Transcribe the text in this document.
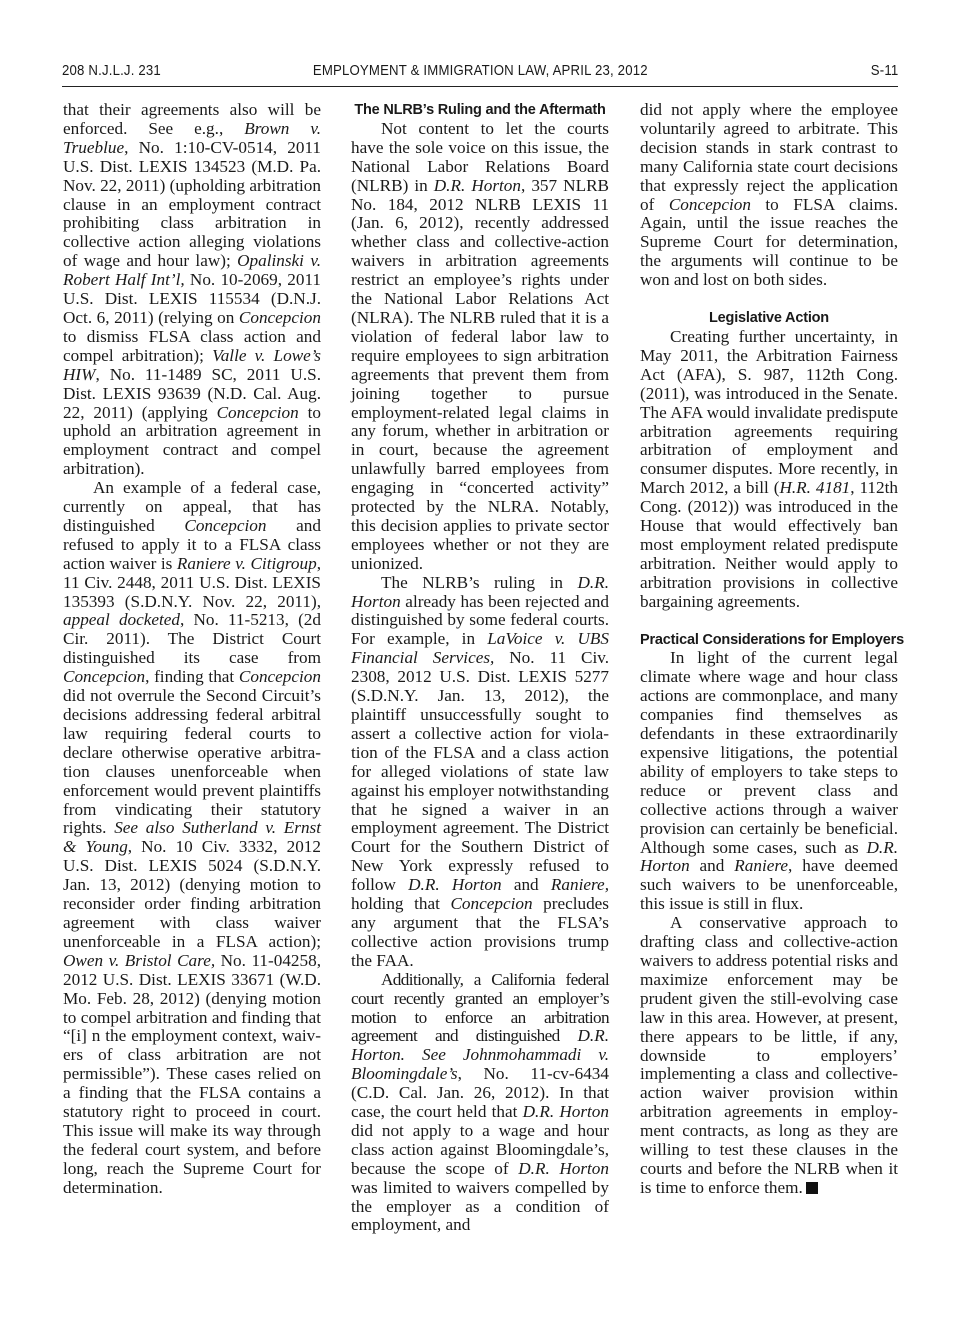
208 N.J.L.J. 231	EMPLOYMENT & IMMIGRATION LAW, APRIL 23, 2012	S-11

that their agreements also will be enforced. See e.g., Brown v. Trueblue, No. 1:10-CV-0514, 2011 U.S. Dist. LEXIS 134523 (M.D. Pa. Nov. 22, 2011) (upholding arbitration clause in an employment contract prohibiting class arbitration in collective action alleging violations of wage and hour law); Opalinski v. Robert Half Int’l, No. 10-2069, 2011 U.S. Dist. LEXIS 115534 (D.N.J. Oct. 6, 2011) (relying on Concepcion to dismiss FLSA class action and compel arbitration); Valle v. Lowe’s HIW, No. 11-1489 SC, 2011 U.S. Dist. LEXIS 93639 (N.D. Cal. Aug. 22, 2011) (applying Concepcion to uphold an arbitration agreement in employment contract and compel arbitration).

An example of a federal case, currently on appeal, that has distinguished Concepcion and refused to apply it to a FLSA class action waiver is Raniere v. Citigroup, 11 Civ. 2448, 2011 U.S. Dist. LEXIS 135393 (S.D.N.Y. Nov. 22, 2011), appeal docketed, No. 11-5213, (2d Cir. 2011). The District Court distinguished its case from Concepcion, finding that Concepcion did not overrule the Second Circuit’s decisions addressing federal arbitral law requiring federal courts to declare otherwise operative arbitration clauses unenforceable when enforcement would prevent plaintiffs from vindicating their statutory rights. See also Sutherland v. Ernst & Young, No. 10 Civ. 3332, 2012 U.S. Dist. LEXIS 5024 (S.D.N.Y. Jan. 13, 2012) (denying motion to reconsider order finding arbitration agreement with class waiver unenforceable in a FLSA action); Owen v. Bristol Care, No. 11-04258, 2012 U.S. Dist. LEXIS 33671 (W.D. Mo. Feb. 28, 2012) (denying motion to compel arbitration and finding that “[i] n the employment context, waivers of class arbitration are not permissible”). These cases relied on a finding that the FLSA contains a statutory right to proceed in court. This issue will make its way through the federal court system, and before long, reach the Supreme Court for determination.

The NLRB’s Ruling and the Aftermath

Not content to let the courts have the sole voice on this issue, the National Labor Relations Board (NLRB) in D.R. Horton, 357 NLRB No. 184, 2012 NLRB LEXIS 11 (Jan. 6, 2012), recently addressed whether class and collective-action waivers in arbitration agreements restrict an employee’s rights under the National Labor Relations Act (NLRA). The NLRB ruled that it is a violation of federal labor law to require employees to sign arbitration agreements that prevent them from joining together to pursue employment-related legal claims in any forum, whether in arbitration or in court, because the agreement unlawfully barred employees from engaging in “concerted activity” protected by the NLRA. Notably, this decision applies to private sector employees whether or not they are unionized.

The NLRB’s ruling in D.R. Horton already has been rejected and distinguished by some federal courts. For example, in LaVoice v. UBS Financial Services, No. 11 Civ. 2308, 2012 U.S. Dist. LEXIS 5277 (S.D.N.Y. Jan. 13, 2012), the plaintiff unsuccessfully sought to assert a collective action for violation of the FLSA and a class action for alleged violations of state law against his employer notwithstanding that he signed a waiver in an employment agreement. The District Court for the Southern District of New York expressly refused to follow D.R. Horton and Raniere, holding that Concepcion precludes any argument that the FLSA’s collective action provisions trump the FAA.

Additionally, a California federal court recently granted an employer’s motion to enforce an arbitration agreement and distinguished D.R. Horton. See Johnmohammadi v. Bloomingdale’s, No. 11-cv-6434 (C.D. Cal. Jan. 26, 2012). In that case, the court held that D.R. Horton did not apply to a wage and hour class action against Bloomingdale’s, because the scope of D.R. Horton was limited to waivers compelled by the employer as a condition of employment, and

did not apply where the employee voluntarily agreed to arbitrate. This decision stands in stark contrast to many California state court decisions that expressly reject the application of Concepcion to FLSA claims. Again, until the issue reaches the Supreme Court for determination, the arguments will continue to be won and lost on both sides.

Legislative Action

Creating further uncertainty, in May 2011, the Arbitration Fairness Act (AFA), S. 987, 112th Cong. (2011), was introduced in the Senate. The AFA would invalidate predispute arbitration agreements requiring arbitration of employment and consumer disputes. More recently, in March 2012, a bill (H.R. 4181, 112th Cong. (2012)) was introduced in the House that would effectively ban most employment related predispute arbitration. Neither would apply to arbitration provisions in collective bargaining agreements.

Practical Considerations for Employers

In light of the current legal climate where wage and hour class actions are commonplace, and many companies find themselves as defendants in these extraordinarily expensive litigations, the potential ability of employers to take steps to reduce or prevent class and collective actions through a waiver provision can certainly be beneficial. Although some cases, such as D.R. Horton and Raniere, have deemed such waivers to be unenforceable, this issue is still in flux.

A conservative approach to drafting class and collective-action waivers to address potential risks and maximize enforcement may be prudent given the still-evolving case law in this area. However, at present, there appears to be little, if any, downside to employers’ implementing a class and collective-action waiver provision within arbitration agreements in employment contracts, as long as they are willing to test these clauses in the courts and before the NLRB when it is time to enforce them.
